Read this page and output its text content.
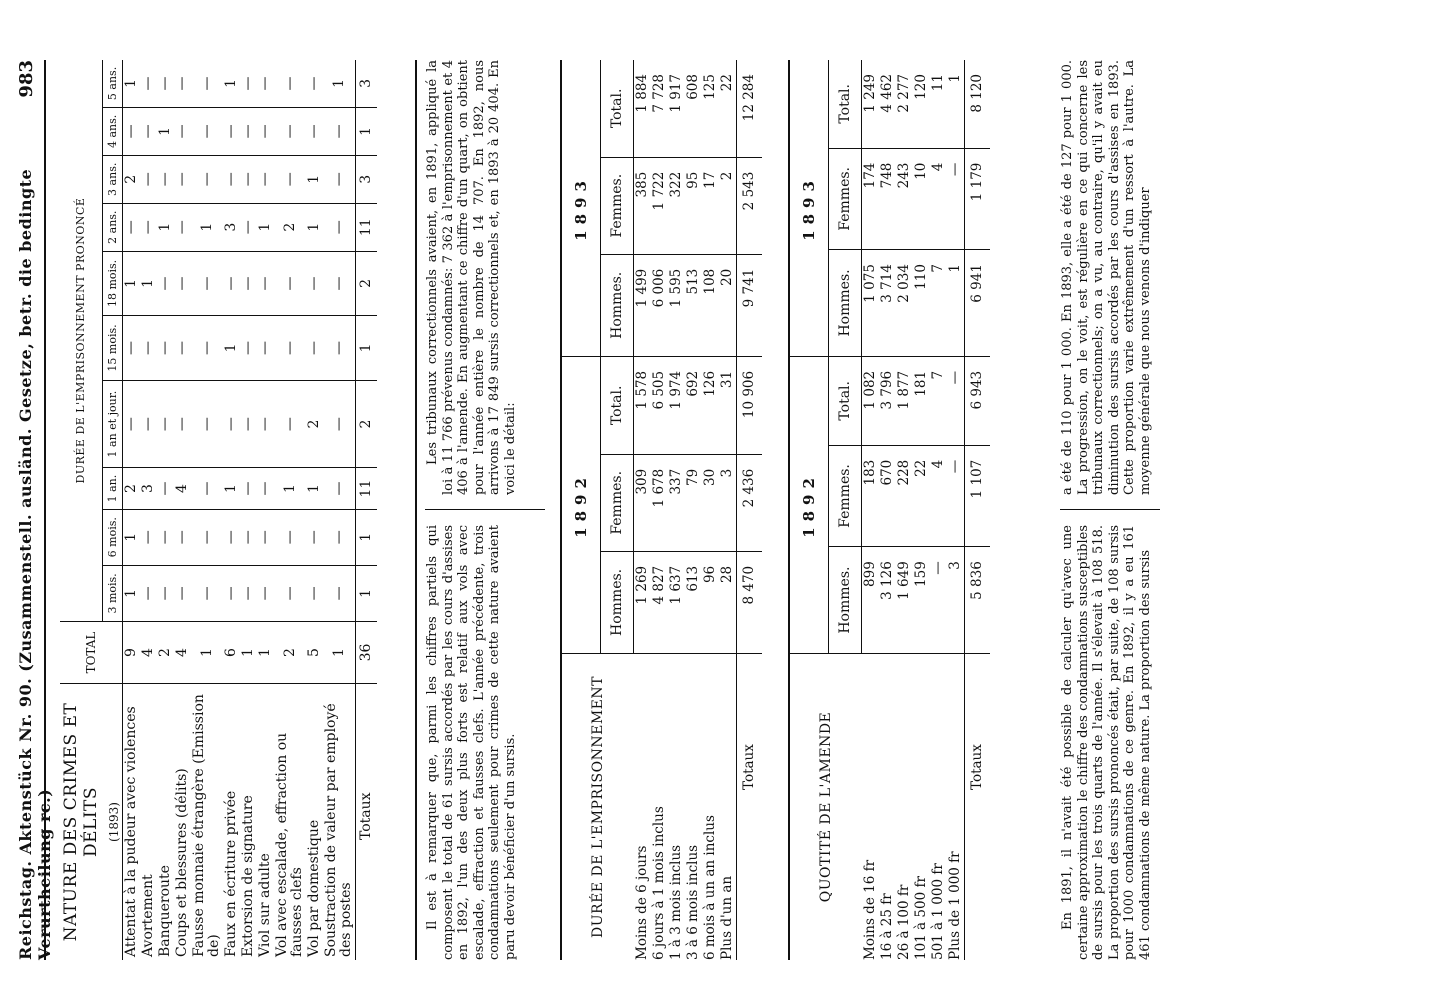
Reichstag. Aktenstück Nr. 90. (Zusammenstell. ausländ. Gesetze, betr. die bedingte Verurtheilung rc.)
983
NATURE DES CRIMES ET DÉLITS (1893)	TOTAL	DURÉE DE L'EMPRISONNEMENT PRONONCÉ									
		3 mois.	6 mois.	1 an.	1 an et jour.	15 mois.	18 mois.	2 ans.	3 ans.	4 ans.	5 ans.
Attentat à la pudeur avec violences	9	1	1	2	—	—	1	—	2	—	1
Avortement	4	—	—	3	—	—	1	—	—	—	—
Banqueroute	2	—	—	—	—	—	—	1	—	1	—
Coups et blessures (délits)	4	—	—	4	—	—	—	—	—	—	—
Fausse monnaie étrangère (Emission de)	1	—	—	—	—	—	—	1	—	—	—
Faux en écriture privée	6	—	—	1	—	1	—	3	—	—	1
Extorsion de signature	1	—	—	—	—	—	—	—	—	—	—
Viol sur adulte	1	—	—	—	—	—	—	1	—	—	—
Vol avec escalade, effraction ou fausses clefs	2	—	—	1	—	—	—	2	—	—	—
Vol par domestique	5	—	—	1	2	—	—	1	1	—	—
Soustraction de valeur par employé des postes	1	—	—	—	—	—	—	—	—	—	1
Totaux	36	1	1	11	2	1	2	11	3	1	3
Il est à remarquer que, parmi les chiffres partiels qui composent le total de 61 sursis accordés par les cours d'assises en 1892, l'un des deux plus forts est relatif aux vols avec escalade, effraction et fausses clefs. L'année précédente, trois condamnations seulement pour crimes de cette nature avaient paru devoir bénéficier d'un sursis.
Les tribunaux correctionnels avaient, en 1891, appliqué la loi à 11 766 prévenus condamnés: 7 362 à l'emprisonnement et 4 406 à l'amende. En augmentant ce chiffre d'un quart, on obtient pour l'année entière le nombre de 14 707. En 1892, nous arrivons à 17 849 sursis correctionnels et, en 1893 à 20 404. En voici le détail:
DURÉE DE L'EMPRISONNEMENT	1892			1893		
	Hommes.	Femmes.	Total.	Hommes.	Femmes.	Total.
Moins de 6 jours	1 269	309	1 578	1 499	385	1 884
6 jours à 1 mois inclus	4 827	1 678	6 505	6 006	1 722	7 728
1 à 3 mois inclus	1 637	337	1 974	1 595	322	1 917
3 à 6 mois inclus	613	79	692	513	95	608
6 mois à un an inclus	96	30	126	108	17	125
Plus d'un an	28	3	31	20	2	22
Totaux	8 470	2 436	10 906	9 741	2 543	12 284
QUOTITÉ DE L'AMENDE	1892			1893		
	Hommes.	Femmes.	Total.	Hommes.	Femmes.	Total.
Moins de 16 fr	899	183	1 082	1 075	174	1 249
16 à 25 fr	3 126	670	3 796	3 714	748	4 462
26 à 100 fr	1 649	228	1 877	2 034	243	2 277
101 à 500 fr	159	22	181	110	10	120
501 à 1 000 fr	—	4	7	7	4	11
Plus de 1 000 fr	3	—	—	1	—	1
Totaux	5 836	1 107	6 943	6 941	1 179	8 120
En 1891, il n'avait été possible de calculer qu'avec une certaine approximation le chiffre des condamnations susceptibles de sursis pour les trois quarts de l'année. Il s'élevait à 108 518. La proportion des sursis prononcés était, par suite, de 108 sursis pour 1000 condamnations de ce genre. En 1892, il y a eu 161 461 condamnations de même nature. La proportion des sursis
a été de 110 pour 1 000. En 1893, elle a été de 127 pour 1 000. La progression, on le voit, est régulière en ce qui concerne les tribunaux correctionnels; on a vu, au contraire, qu'il y avait eu diminution des sursis accordés par les cours d'assises en 1893. Cette proportion varie extrêmement d'un ressort à l'autre. La moyenne générale que nous venons d'indiquer
